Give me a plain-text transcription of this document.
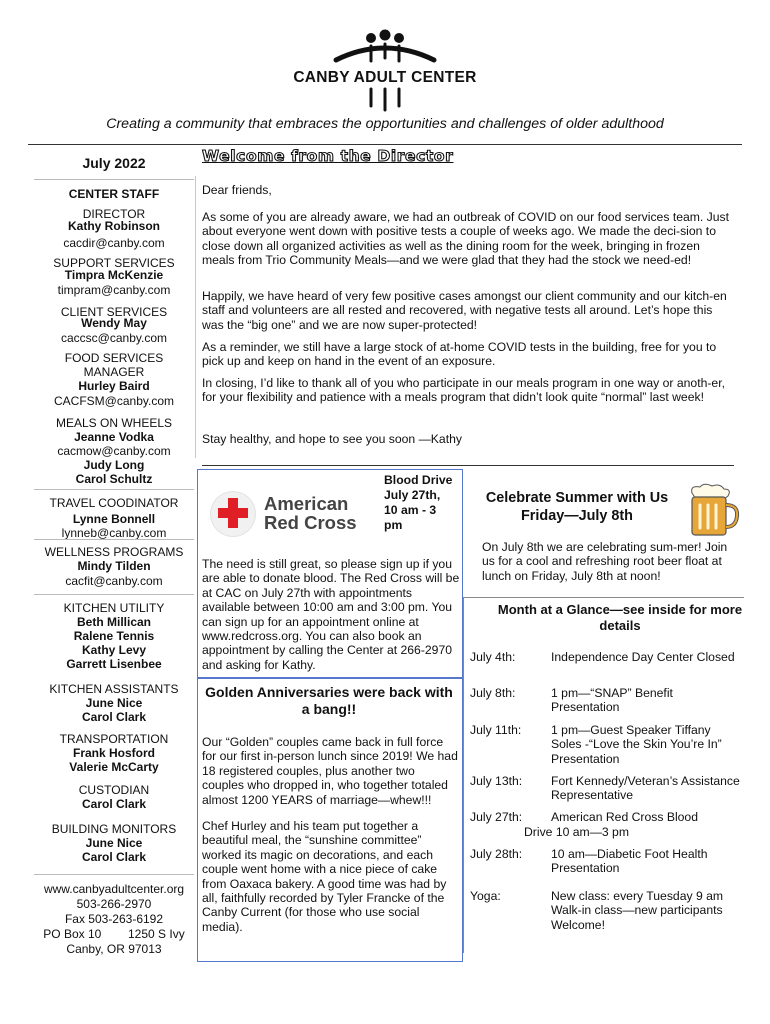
CANBY ADULT CENTER
Creating a community that embraces the opportunities and challenges of older adulthood
July 2022
CENTER STAFF
DIRECTOR
Kathy Robinson
cacdir@canby.com
SUPPORT SERVICES
Timpra McKenzie
timpram@canby.com
CLIENT SERVICES
Wendy May
caccsc@canby.com
FOOD SERVICES
MANAGER
Hurley Baird
CACFSM@canby.com
MEALS ON WHEELS
Jeanne Vodka
cacmow@canby.com
Judy Long
Carol Schultz
TRAVEL COODINATOR
Lynne Bonnell
lynneb@canby.com
WELLNESS PROGRAMS
Mindy Tilden
cacfit@canby.com
KITCHEN UTILITY
Beth Millican
Ralene Tennis
Kathy Levy
Garrett Lisenbee
KITCHEN ASSISTANTS
June Nice
Carol Clark
TRANSPORTATION
Frank Hosford
Valerie McCarty
CUSTODIAN
Carol Clark
BUILDING MONITORS
June Nice
Carol Clark
www.canbyadultcenter.org
503-266-2970
Fax 503-263-6192
PO Box 10        1250 S Ivy
Canby, OR 97013
Welcome from the Director
Dear friends,
As some of you are already aware, we had an outbreak of COVID on our food services team. Just about everyone went down with positive tests a couple of weeks ago. We made the deci-sion to close down all organized activities as well as the dining room for the week, bringing in frozen meals from Trio Community Meals—and we were glad that they had the stock we need-ed!
Happily, we have heard of very few positive cases amongst our client community and our kitch-en staff and volunteers are all rested and recovered, with negative tests all around. Let’s hope this was the “big one” and we are now super-protected!
As a reminder, we still have a large stock of at-home COVID tests in the building, free for you to pick up and keep on hand in the event of an exposure.
In closing, I’d like to thank all of you who participate in our meals program in one way or anoth-er, for your flexibility and patience with a meals program that didn’t look quite “normal” last week!
Stay healthy, and hope to see you soon —Kathy
American
Red Cross
Blood Drive
July 27th,
10 am - 3
pm
The need is still great, so please sign up if you are able to donate blood. The Red Cross will be at CAC on July 27th with appointments available between 10:00 am and 3:00 pm. You can sign up for an appointment online at www.redcross.org. You can also book an appointment by calling the Center at 266-2970 and asking for Kathy.
Golden Anniversaries were back with a bang!!
Our “Golden” couples came back in full force for our first in-person lunch since 2019! We had 18 registered couples, plus another two couples who dropped in, who together totaled almost 1200 YEARS of marriage—whew!!!
Chef Hurley and his team put together a beautiful meal, the “sunshine committee” worked its magic on decorations, and each couple went home with a nice piece of cake from Oaxaca bakery. A good time was had by all, faithfully recorded by Tyler Francke of the Canby Current (for those who use social media).
Celebrate Summer with Us Friday—July 8th
On July 8th we are celebrating sum-mer! Join us for a cool and refreshing root beer float at lunch on Friday, July 8th at noon!
Month at a Glance—see inside for more details
July 4th:	Independence Day Center Closed
July 8th:	1 pm—“SNAP” Benefit  Presentation
July 11th: 1 pm—Guest Speaker Tiffany Soles -“Love the Skin You’re In” Presentation
July 13th: Fort Kennedy/Veteran’s Assistance Representative
July 27th: American Red Cross Blood
Drive 10 am—3 pm
July 28th: 10 am—Diabetic Foot Health Presentation
Yoga:	New class: every Tuesday 9 am Walk-in class—new participants Welcome!
